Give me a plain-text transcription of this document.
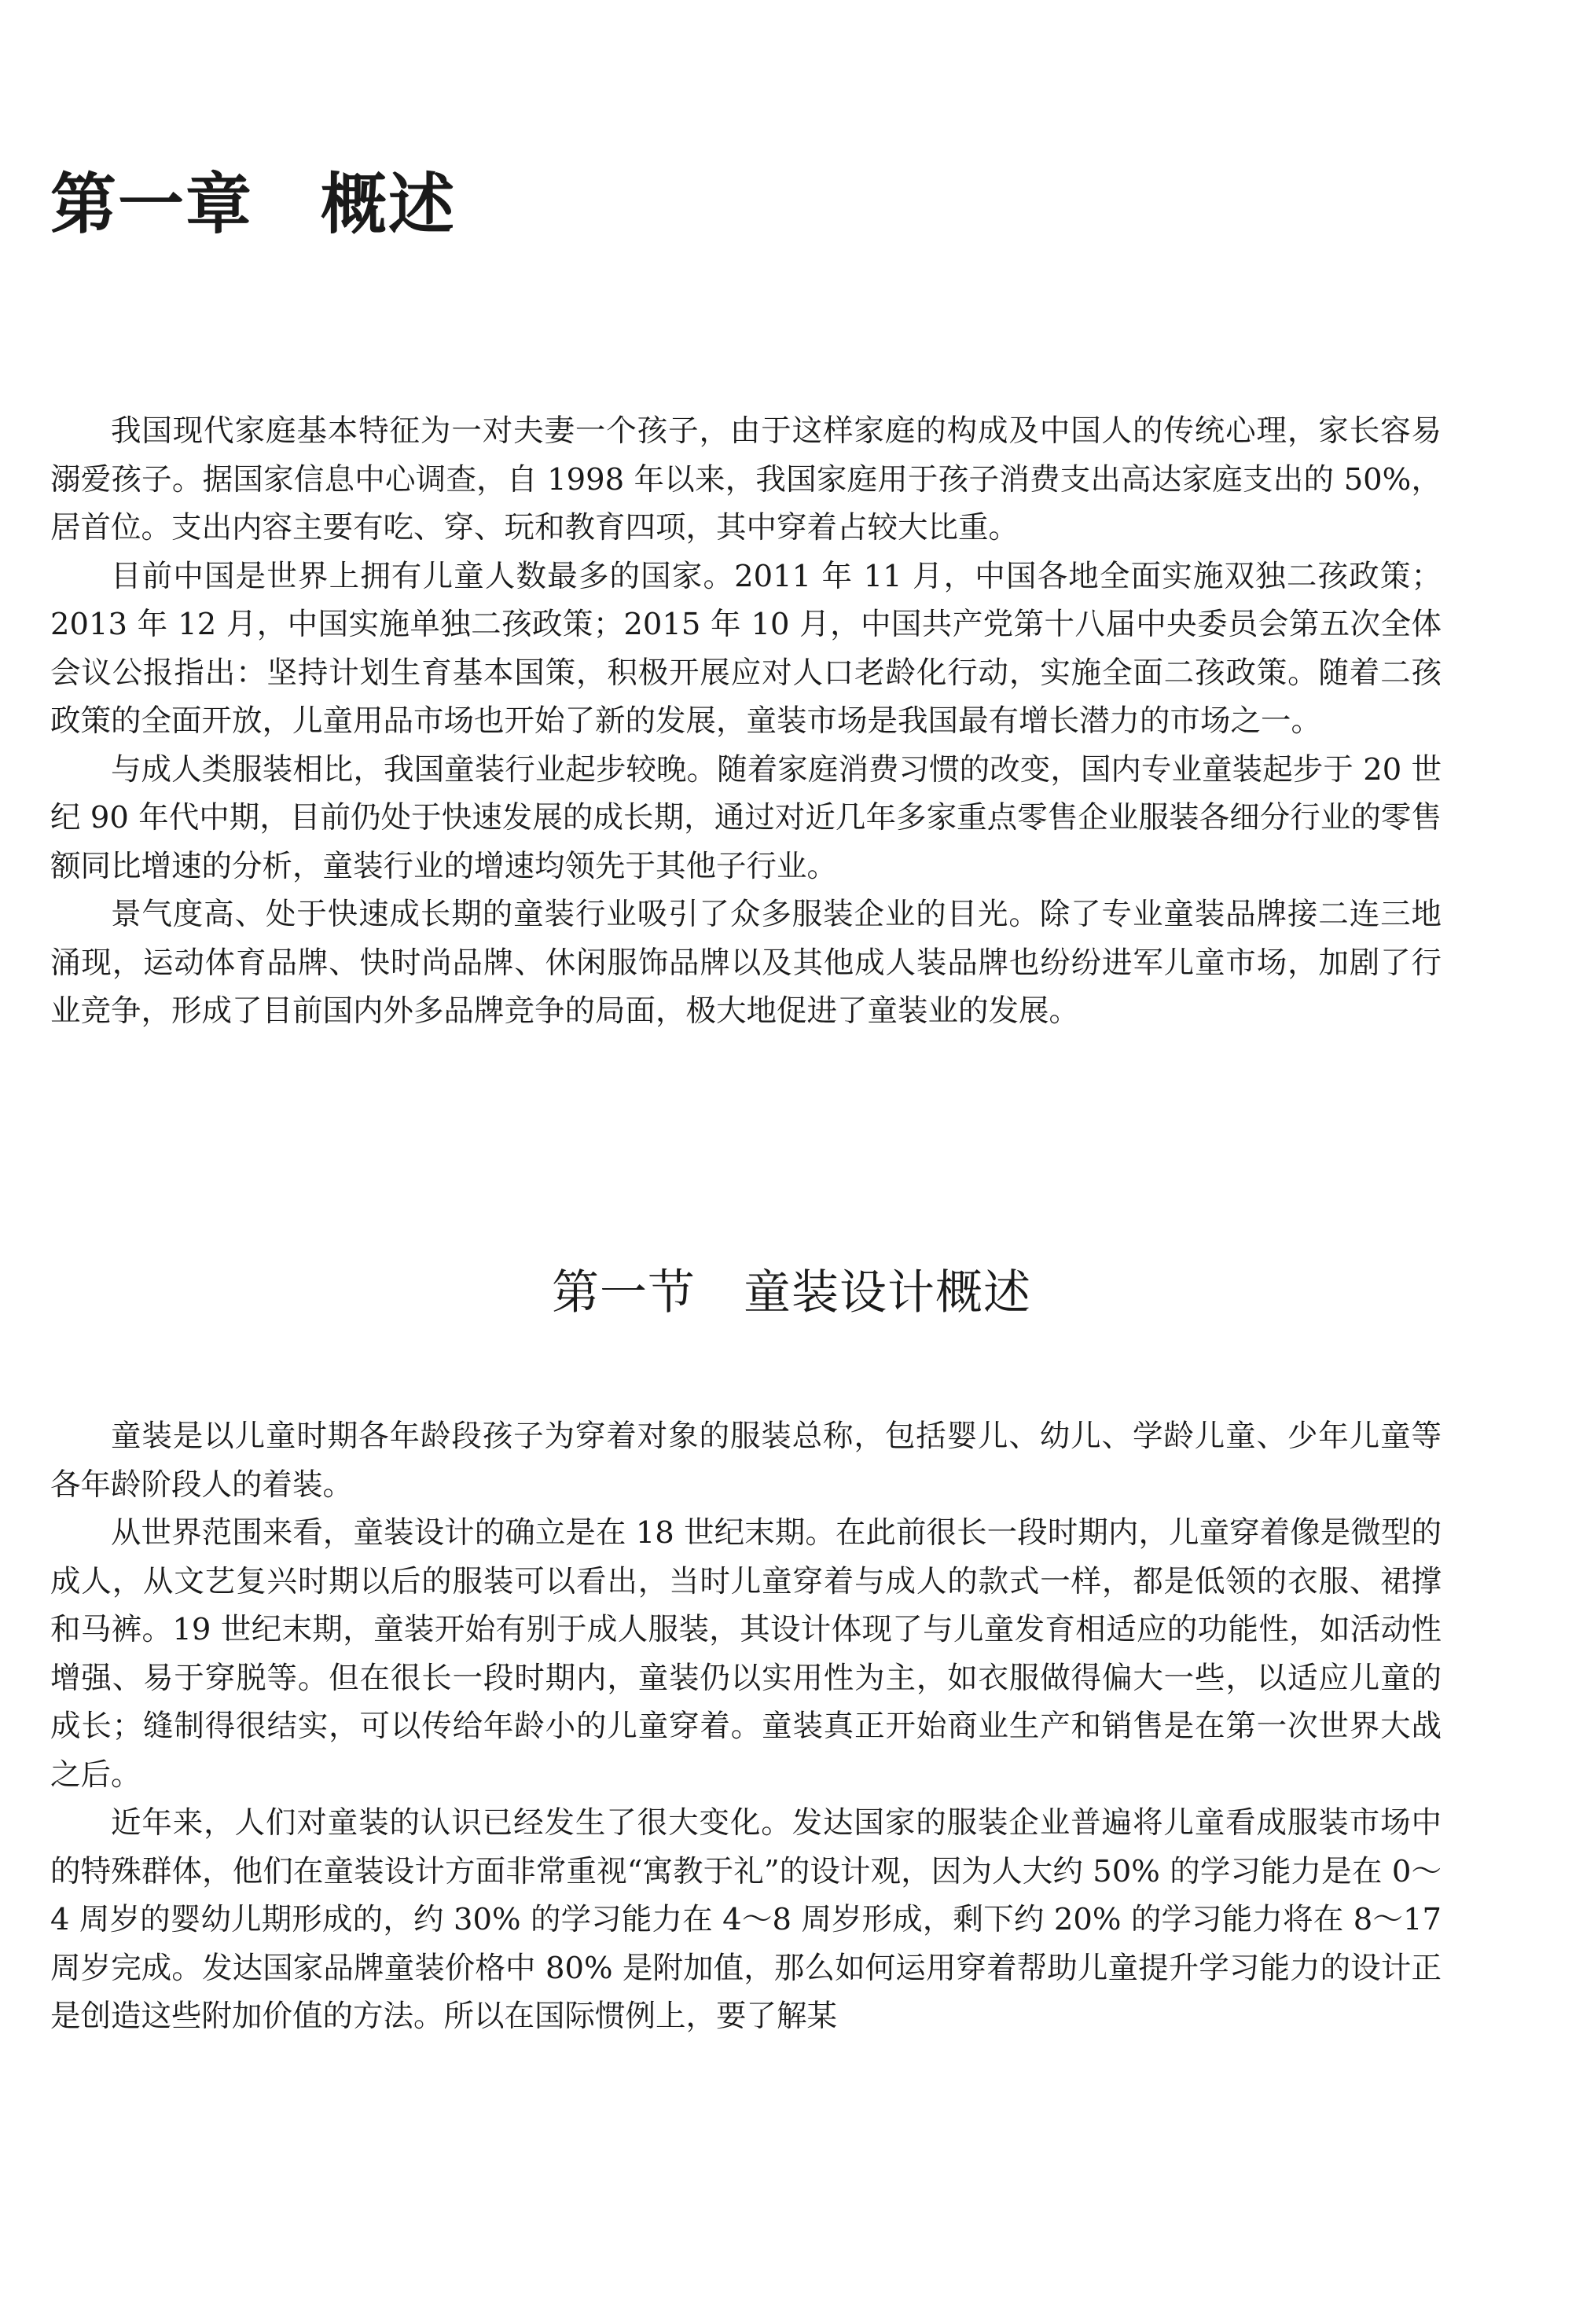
第一章　概述

我国现代家庭基本特征为一对夫妻一个孩子，由于这样家庭的构成及中国人的传统心理，家长容易溺爱孩子。据国家信息中心调查，自 1998 年以来，我国家庭用于孩子消费支出高达家庭支出的 50%，居首位。支出内容主要有吃、穿、玩和教育四项，其中穿着占较大比重。

目前中国是世界上拥有儿童人数最多的国家。2011 年 11 月，中国各地全面实施双独二孩政策；2013 年 12 月，中国实施单独二孩政策；2015 年 10 月，中国共产党第十八届中央委员会第五次全体会议公报指出：坚持计划生育基本国策，积极开展应对人口老龄化行动，实施全面二孩政策。随着二孩政策的全面开放，儿童用品市场也开始了新的发展，童装市场是我国最有增长潜力的市场之一。

与成人类服装相比，我国童装行业起步较晚。随着家庭消费习惯的改变，国内专业童装起步于 20 世纪 90 年代中期，目前仍处于快速发展的成长期，通过对近几年多家重点零售企业服装各细分行业的零售额同比增速的分析，童装行业的增速均领先于其他子行业。

景气度高、处于快速成长期的童装行业吸引了众多服装企业的目光。除了专业童装品牌接二连三地涌现，运动体育品牌、快时尚品牌、休闲服饰品牌以及其他成人装品牌也纷纷进军儿童市场，加剧了行业竞争，形成了目前国内外多品牌竞争的局面，极大地促进了童装业的发展。

第一节　童装设计概述

童装是以儿童时期各年龄段孩子为穿着对象的服装总称，包括婴儿、幼儿、学龄儿童、少年儿童等各年龄阶段人的着装。

从世界范围来看，童装设计的确立是在 18 世纪末期。在此前很长一段时期内，儿童穿着像是微型的成人，从文艺复兴时期以后的服装可以看出，当时儿童穿着与成人的款式一样，都是低领的衣服、裙撑和马裤。19 世纪末期，童装开始有别于成人服装，其设计体现了与儿童发育相适应的功能性，如活动性增强、易于穿脱等。但在很长一段时期内，童装仍以实用性为主，如衣服做得偏大一些，以适应儿童的成长；缝制得很结实，可以传给年龄小的儿童穿着。童装真正开始商业生产和销售是在第一次世界大战之后。

近年来，人们对童装的认识已经发生了很大变化。发达国家的服装企业普遍将儿童看成服装市场中的特殊群体，他们在童装设计方面非常重视“寓教于礼”的设计观，因为人大约 50% 的学习能力是在 0～4 周岁的婴幼儿期形成的，约 30% 的学习能力在 4～8 周岁形成，剩下约 20% 的学习能力将在 8～17 周岁完成。发达国家品牌童装价格中 80% 是附加值，那么如何运用穿着帮助儿童提升学习能力的设计正是创造这些附加价值的方法。所以在国际惯例上，要了解某
